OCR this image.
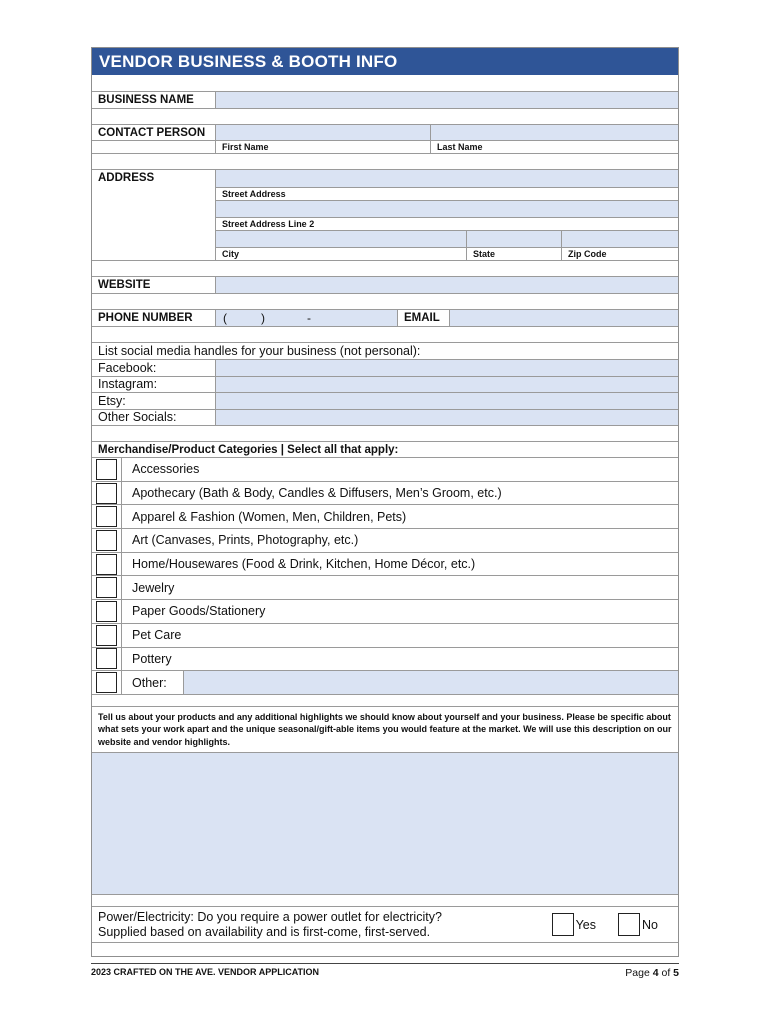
VENDOR BUSINESS & BOOTH INFO
BUSINESS NAME
CONTACT PERSON
First Name	Last Name
ADDRESS
Street Address
Street Address Line 2
City	State	Zip Code
WEBSITE
PHONE NUMBER	(	)	-	EMAIL
List social media handles for your business (not personal):
Facebook:
Instagram:
Etsy:
Other Socials:
Merchandise/Product Categories | Select all that apply:
Accessories
Apothecary (Bath & Body, Candles & Diffusers, Men’s Groom, etc.)
Apparel & Fashion (Women, Men, Children, Pets)
Art (Canvases, Prints, Photography, etc.)
Home/Housewares (Food & Drink, Kitchen, Home Décor, etc.)
Jewelry
Paper Goods/Stationery
Pet Care
Pottery
Other:
Tell us about your products and any additional highlights we should know about yourself and your business. Please be specific about what sets your work apart and the unique seasonal/gift-able items you would feature at the market. We will use this description on our website and vendor highlights.
Power/Electricity: Do you require a power outlet for electricity?
Supplied based on availability and is first-come, first-served.
Yes	No
2023 CRAFTED ON THE AVE. VENDOR APPLICATION	Page 4 of 5
